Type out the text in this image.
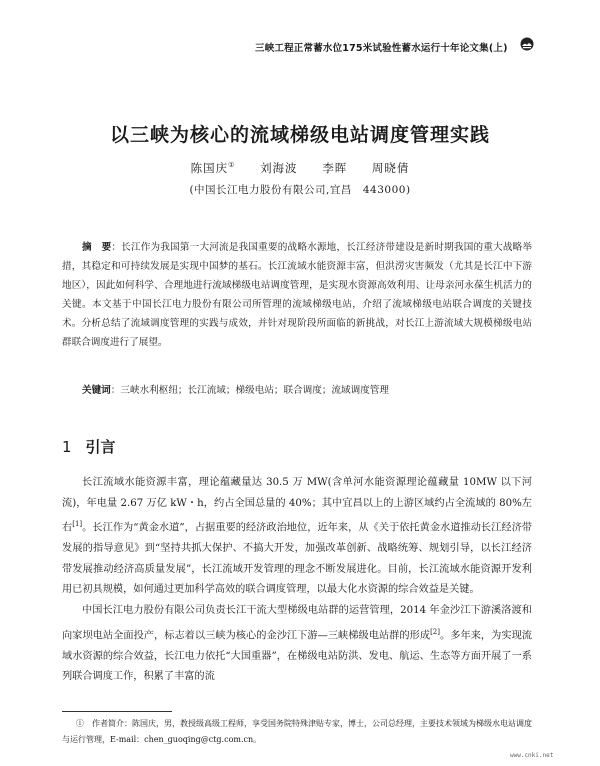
三峡工程正常蓄水位175米试验性蓄水运行十年论文集(上)
以三峡为核心的流域梯级电站调度管理实践
陈国庆① 刘海波 李晖 周晓倩
(中国长江电力股份有限公司,宜昌　443000)
摘　要：长江作为我国第一大河流是我国重要的战略水源地，长江经济带建设是新时期我国的重大战略举措，其稳定和可持续发展是实现中国梦的基石。长江流域水能资源丰富，但洪涝灾害频发（尤其是长江中下游地区），因此如何科学、合理地进行流域梯级电站调度管理，是实现水资源高效利用、让母亲河永葆生机活力的关键。本文基于中国长江电力股份有限公司所管理的流域梯级电站，介绍了流域梯级电站联合调度的关键技术。分析总结了流域调度管理的实践与成效，并针对现阶段所面临的新挑战，对长江上游流域大规模梯级电站群联合调度进行了展望。
关键词：三峡水利枢纽；长江流域；梯级电站；联合调度；流域调度管理
1 引言

长江流域水能资源丰富，理论蕴藏量达 30.5 万 MW(含单河水能资源理论蕴藏量 10MW 以下河流)，年电量 2.67 万亿 kW・h，约占全国总量的 40%；其中宜昌以上的上游区域约占全流域的 80%左右[1]。长江作为“黄金水道”，占据重要的经济政治地位，近年来，从《关于依托黄金水道推动长江经济带发展的指导意见》到“坚持共抓大保护、不搞大开发，加强改革创新、战略统筹、规划引导，以长江经济带发展推动经济高质量发展”，长江流域开发管理的理念不断发展进化。目前，长江流域水能资源开发利用已初具规模，如何通过更加科学高效的联合调度管理，以最大化水资源的综合效益是关键。

中国长江电力股份有限公司负责长江干流大型梯级电站群的运营管理，2014 年金沙江下游溪洛渡和向家坝电站全面投产，标志着以三峡为核心的金沙江下游—三峡梯级电站群的形成[2]。多年来，为实现流域水资源的综合效益，长江电力依托“大国重器”，在梯级电站防洪、发电、航运、生态等方面开展了一系列联合调度工作，积累了丰富的流

①　作者简介：陈国庆，男，教授级高级工程师，享受国务院特殊津贴专家，博士，公司总经理，主要技术领域为梯级水电站调度与运行管理，E-mail：chen_guoqing@ctg.com.cn。
www.cnki.net
